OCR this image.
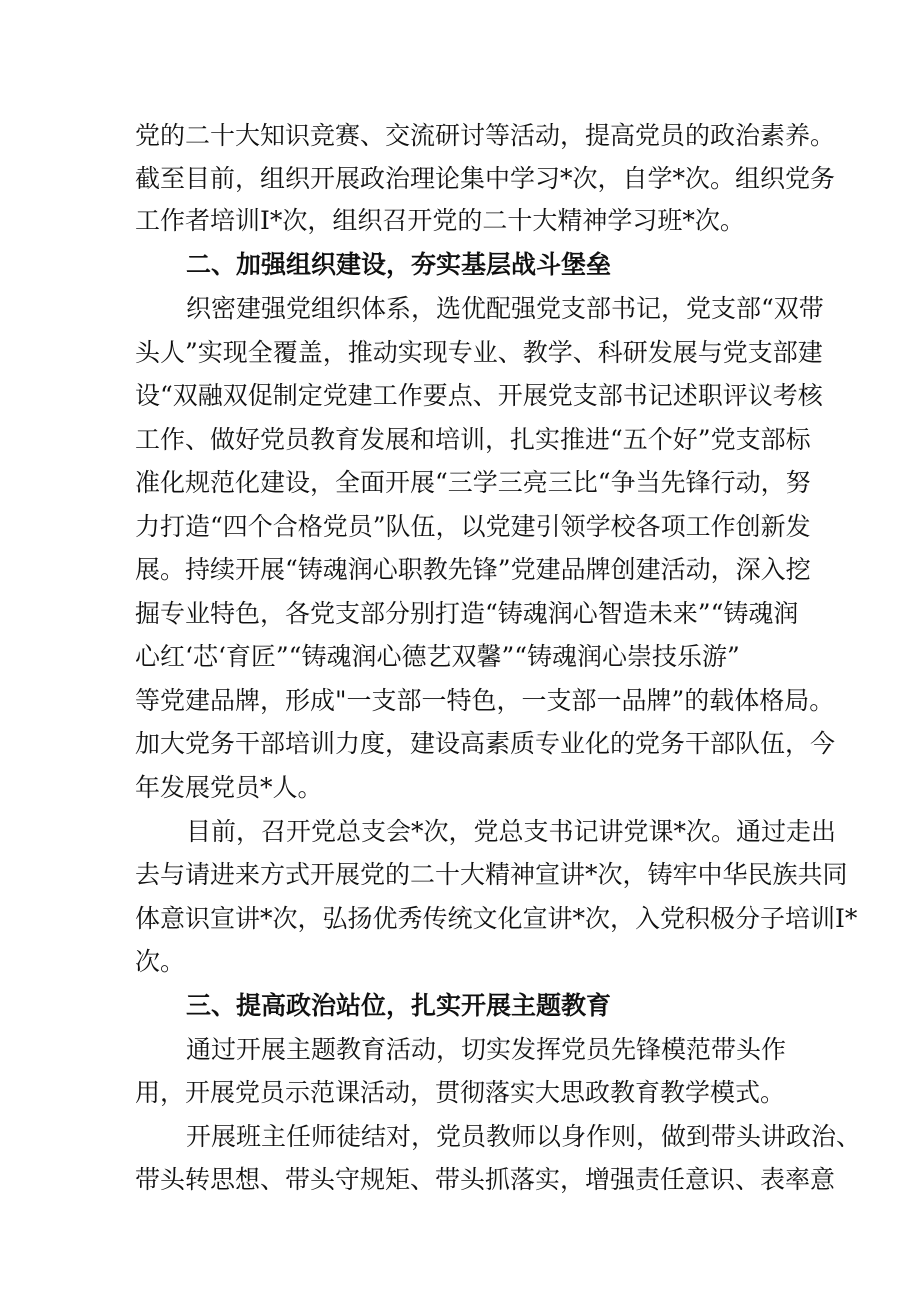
党的二十大知识竞赛、交流研讨等活动，提高党员的政治素养。
截至目前，组织开展政治理论集中学习*次，自学*次。组织党务
工作者培训I*次，组织召开党的二十大精神学习班*次。
二、加强组织建设，夯实基层战斗堡垒
织密建强党组织体系，选优配强党支部书记，党支部“双带
头人”实现全覆盖，推动实现专业、教学、科研发展与党支部建
设“双融双促制定党建工作要点、开展党支部书记述职评议考核
工作、做好党员教育发展和培训，扎实推进“五个好”党支部标
准化规范化建设，全面开展“三学三亮三比“争当先锋行动，努
力打造“四个合格党员”队伍，以党建引领学校各项工作创新发
展。持续开展“铸魂润心职教先锋”党建品牌创建活动，深入挖
掘专业特色，各党支部分别打造“铸魂润心智造未来”“铸魂润
心红‘芯‘育匠”“铸魂润心德艺双馨”“铸魂润心崇技乐游”
等党建品牌，形成"一支部一特色，一支部一品牌”的载体格局。
加大党务干部培训力度，建设高素质专业化的党务干部队伍，今
年发展党员*人。
目前，召开党总支会*次，党总支书记讲党课*次。通过走出
去与请进来方式开展党的二十大精神宣讲*次，铸牢中华民族共同
体意识宣讲*次，弘扬优秀传统文化宣讲*次，入党积极分子培训I*
次。
三、提高政治站位，扎实开展主题教育
通过开展主题教育活动，切实发挥党员先锋模范带头作
用，开展党员示范课活动，贯彻落实大思政教育教学模式。
开展班主任师徒结对，党员教师以身作则，做到带头讲政治、
带头转思想、带头守规矩、带头抓落实，增强责任意识、表率意
